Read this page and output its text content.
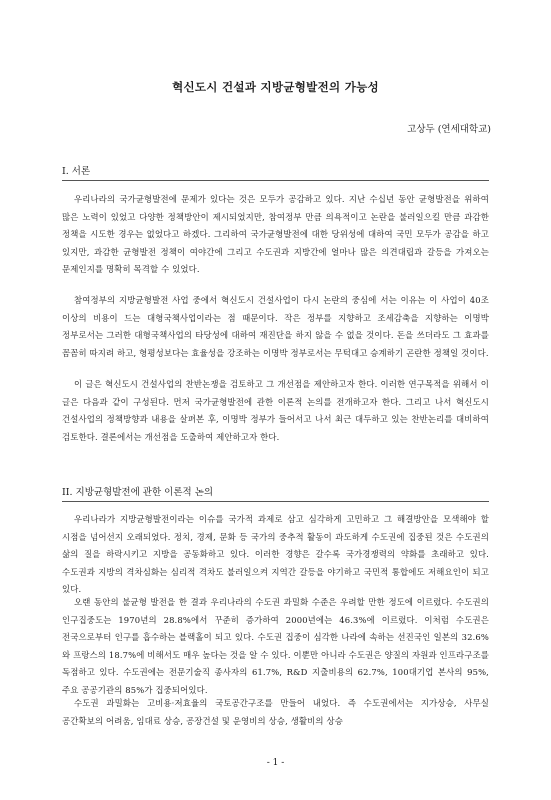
혁신도시 건설과 지방균형발전의 가능성
고상두 (연세대학교)
I. 서론

우리나라의 국가균형발전에 문제가 있다는 것은 모두가 공감하고 있다. 지난 수십년 동안 균형발전을 위하여 많은 노력이 있었고 다양한 정책방안이 제시되었지만, 참여정부 만큼 의욕적이고 논란을 불러일으킬 만큼 과감한 정책을 시도한 경우는 없었다고 하겠다. 그리하여 국가균형발전에 대한 당위성에 대하여 국민 모두가 공감을 하고 있지만, 과감한 균형발전 정책이 여야간에 그리고 수도권과 지방간에 얼마나 많은 의견대립과 갈등을 가져오는 문제인지를 명확히 목격할 수 있었다.

참여정부의 지방균형발전 사업 중에서 혁신도시 건설사업이 다시 논란의 중심에 서는 이유는 이 사업이 40조 이상의 비용이 드는 대형국책사업이라는 점 때문이다. 작은 정부를 지향하고 조세감축을 지향하는 이명박 정부로서는 그러한 대형국책사업의 타당성에 대하여 재진단을 하지 않을 수 없을 것이다. 돈을 쓰더라도 그 효과를 꼼꼼히 따지려 하고, 형평성보다는 효율성을 강조하는 이명박 정부로서는 무턱대고 승계하기 곤란한 정책일 것이다.

이 글은 혁신도시 건설사업의 찬반논쟁을 검토하고 그 개선점을 제안하고자 한다. 이러한 연구목적을 위해서 이 글은 다음과 같이 구성된다. 먼저 국가균형발전에 관한 이론적 논의를 전개하고자 한다. 그리고 나서 혁신도시 건설사업의 정책방향과 내용을 살펴본 후, 이명박 정부가 들어서고 나서 최근 대두하고 있는 찬반논리를 대비하여 검토한다. 결론에서는 개선점을 도출하여 제안하고자 한다.

II. 지방균형발전에 관한 이론적 논의

우리나라가 지방균형발전이라는 이슈를 국가적 과제로 삼고 심각하게 고민하고 그 해결방안을 모색해야 할 시점을 넘어선지 오래되었다. 정치, 경제, 문화 등 국가의 중추적 활동이 과도하게 수도권에 집중된 것은 수도권의 삶의 질을 하락시키고 지방을 공동화하고 있다. 이러한 경향은 갈수록 국가경쟁력의 약화를 초래하고 있다. 수도권과 지방의 격차심화는 심리적 격차도 불러일으켜 지역간 갈등을 야기하고 국민적 통합에도 저해요인이 되고 있다.

오랜 동안의 불균형 발전을 한 결과 우리나라의 수도권 과밀화 수준은 우려할 만한 정도에 이르렀다. 수도권의 인구집중도는 1970년의 28.8%에서 꾸준히 증가하여 2000년에는 46.3%에 이르렀다. 이처럼 수도권은 전국으로부터 인구를 흡수하는 블랙홀이 되고 있다. 수도권 집중이 심각한 나라에 속하는 선진국인 일본의 32.6%와 프랑스의 18.7%에 비해서도 매우 높다는 것을 알 수 있다. 이뿐만 아니라 수도권은 양질의 자원과 인프라구조를 독점하고 있다. 수도권에는 전문기술직 종사자의 61.7%, R&D 지출비용의 62.7%, 100대기업 본사의 95%, 주요 공공기관의 85%가 집중되어있다.

수도권 과밀화는 고비용·저효율의 국토공간구조를 만들어 내었다. 즉 수도권에서는 지가상승, 사무실 공간확보의 어려움, 임대료 상승, 공장건설 및 운영비의 상승, 생활비의 상승

- 1 -
